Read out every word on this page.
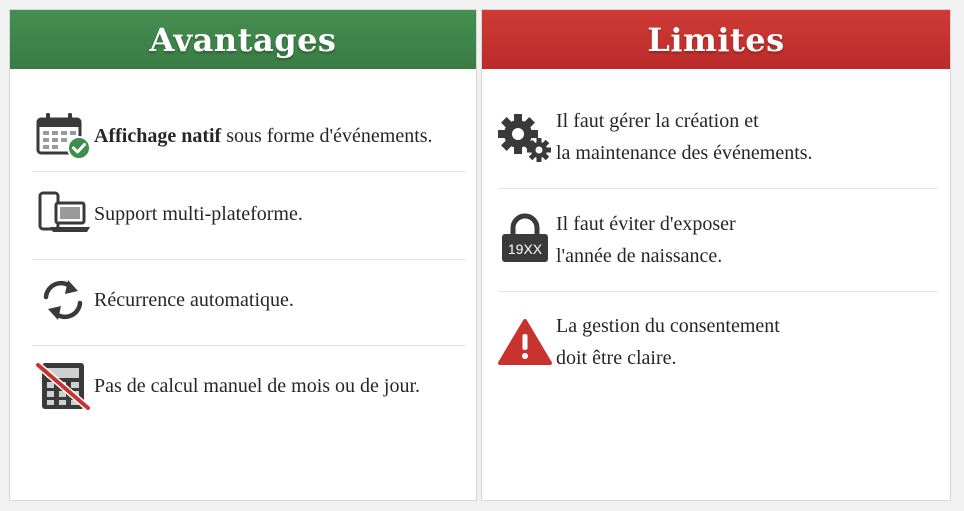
Avantages
Affichage natif sous forme d'événements.
Support multi-plateforme.
Récurrence automatique.
Pas de calcul manuel de mois ou de jour.
Limites
Il faut gérer la création et
la maintenance des événements.
19XX
Il faut éviter d'exposer
l'année de naissance.
La gestion du consentement
doit être claire.
